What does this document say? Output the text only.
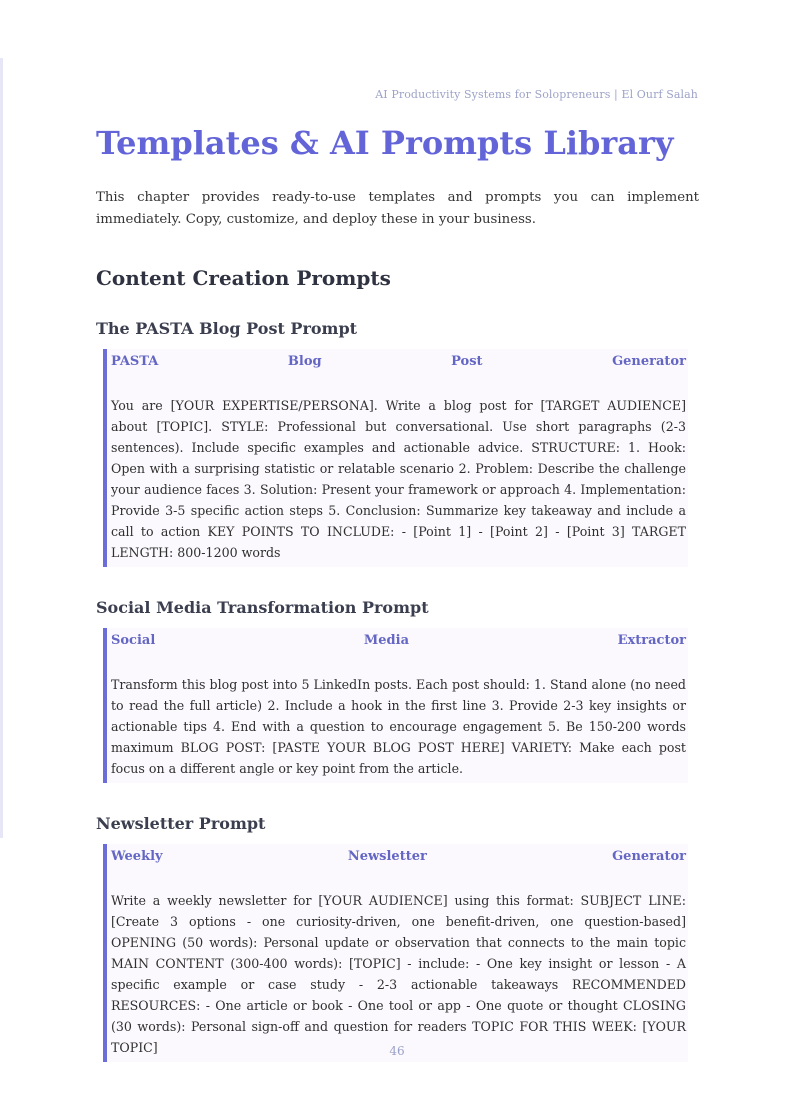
AI Productivity Systems for Solopreneurs | El Ourf Salah
Templates & AI Prompts Library

This chapter provides ready-to-use templates and prompts you can implement immediately. Copy, customize, and deploy these in your business.

Content Creation Prompts
The PASTA Blog Post Prompt
PASTA	Blog	Post	Generator
You are [YOUR EXPERTISE/PERSONA]. Write a blog post for [TARGET AUDIENCE] about [TOPIC]. STYLE: Professional but conversational. Use short paragraphs (2-3 sentences). Include specific examples and actionable advice. STRUCTURE: 1. Hook: Open with a surprising statistic or relatable scenario 2. Problem: Describe the challenge your audience faces 3. Solution: Present your framework or approach 4. Implementation: Provide 3-5 specific action steps 5. Conclusion: Summarize key takeaway and include a call to action KEY POINTS TO INCLUDE: - [Point 1] - [Point 2] - [Point 3] TARGET LENGTH: 800-1200 words
Social Media Transformation Prompt
Social	Media	Extractor
Transform this blog post into 5 LinkedIn posts. Each post should: 1. Stand alone (no need to read the full article) 2. Include a hook in the first line 3. Provide 2-3 key insights or actionable tips 4. End with a question to encourage engagement 5. Be 150-200 words maximum BLOG POST: [PASTE YOUR BLOG POST HERE] VARIETY: Make each post focus on a different angle or key point from the article.
Newsletter Prompt
Weekly	Newsletter	Generator
Write a weekly newsletter for [YOUR AUDIENCE] using this format: SUBJECT LINE: [Create 3 options - one curiosity-driven, one benefit-driven, one question-based] OPENING (50 words): Personal update or observation that connects to the main topic MAIN CONTENT (300-400 words): [TOPIC] - include: - One key insight or lesson - A specific example or case study - 2-3 actionable takeaways RECOMMENDED RESOURCES: - One article or book - One tool or app - One quote or thought CLOSING (30 words): Personal sign-off and question for readers TOPIC FOR THIS WEEK: [YOUR TOPIC]	46
